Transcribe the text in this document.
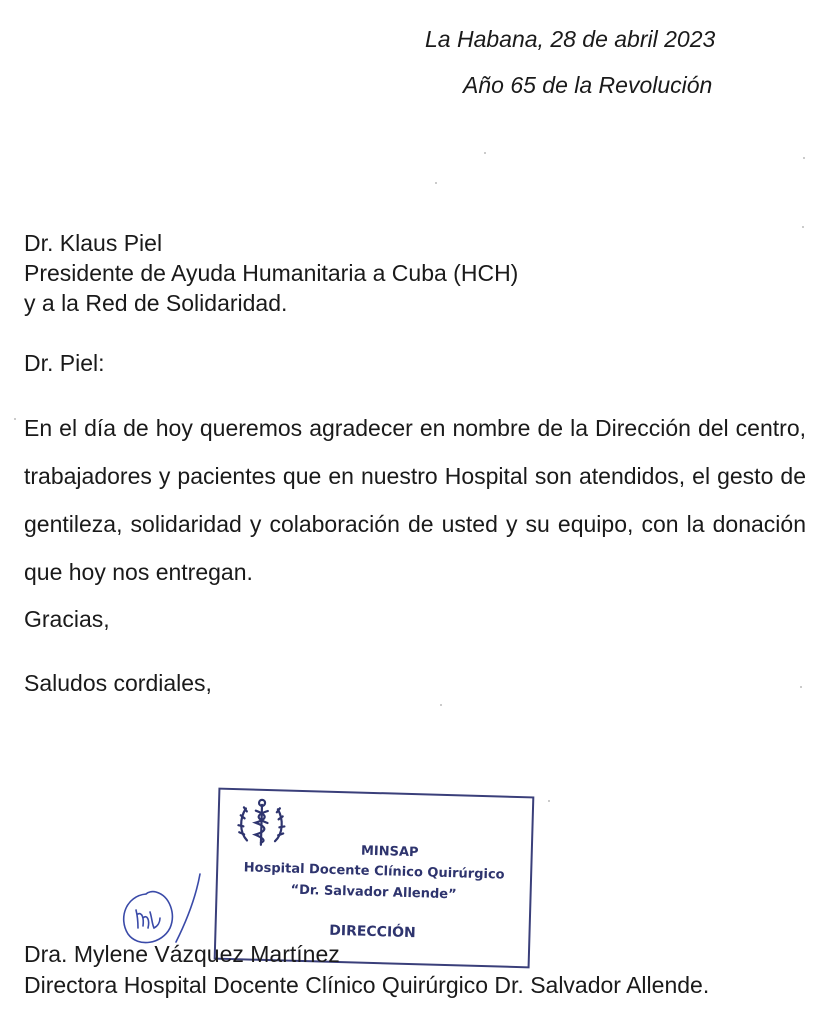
La Habana, 28 de abril 2023
Año 65 de la Revolución
Dr. Klaus Piel
Presidente de Ayuda Humanitaria a Cuba (HCH)
y a la Red de Solidaridad.
Dr. Piel:
En el día de hoy queremos agradecer en nombre de la Dirección del centro, trabajadores y pacientes que en nuestro Hospital son atendidos, el gesto de gentileza, solidaridad y colaboración de usted y su equipo, con la donación que hoy nos entregan.
Gracias,
Saludos cordiales,
MINSAP
Hospital Docente Clínico Quirúrgico
“Dr. Salvador Allende”
DIRECCIÓN
Dra. Mylene Vázquez Martínez
Directora Hospital Docente Clínico Quirúrgico Dr. Salvador Allende.
